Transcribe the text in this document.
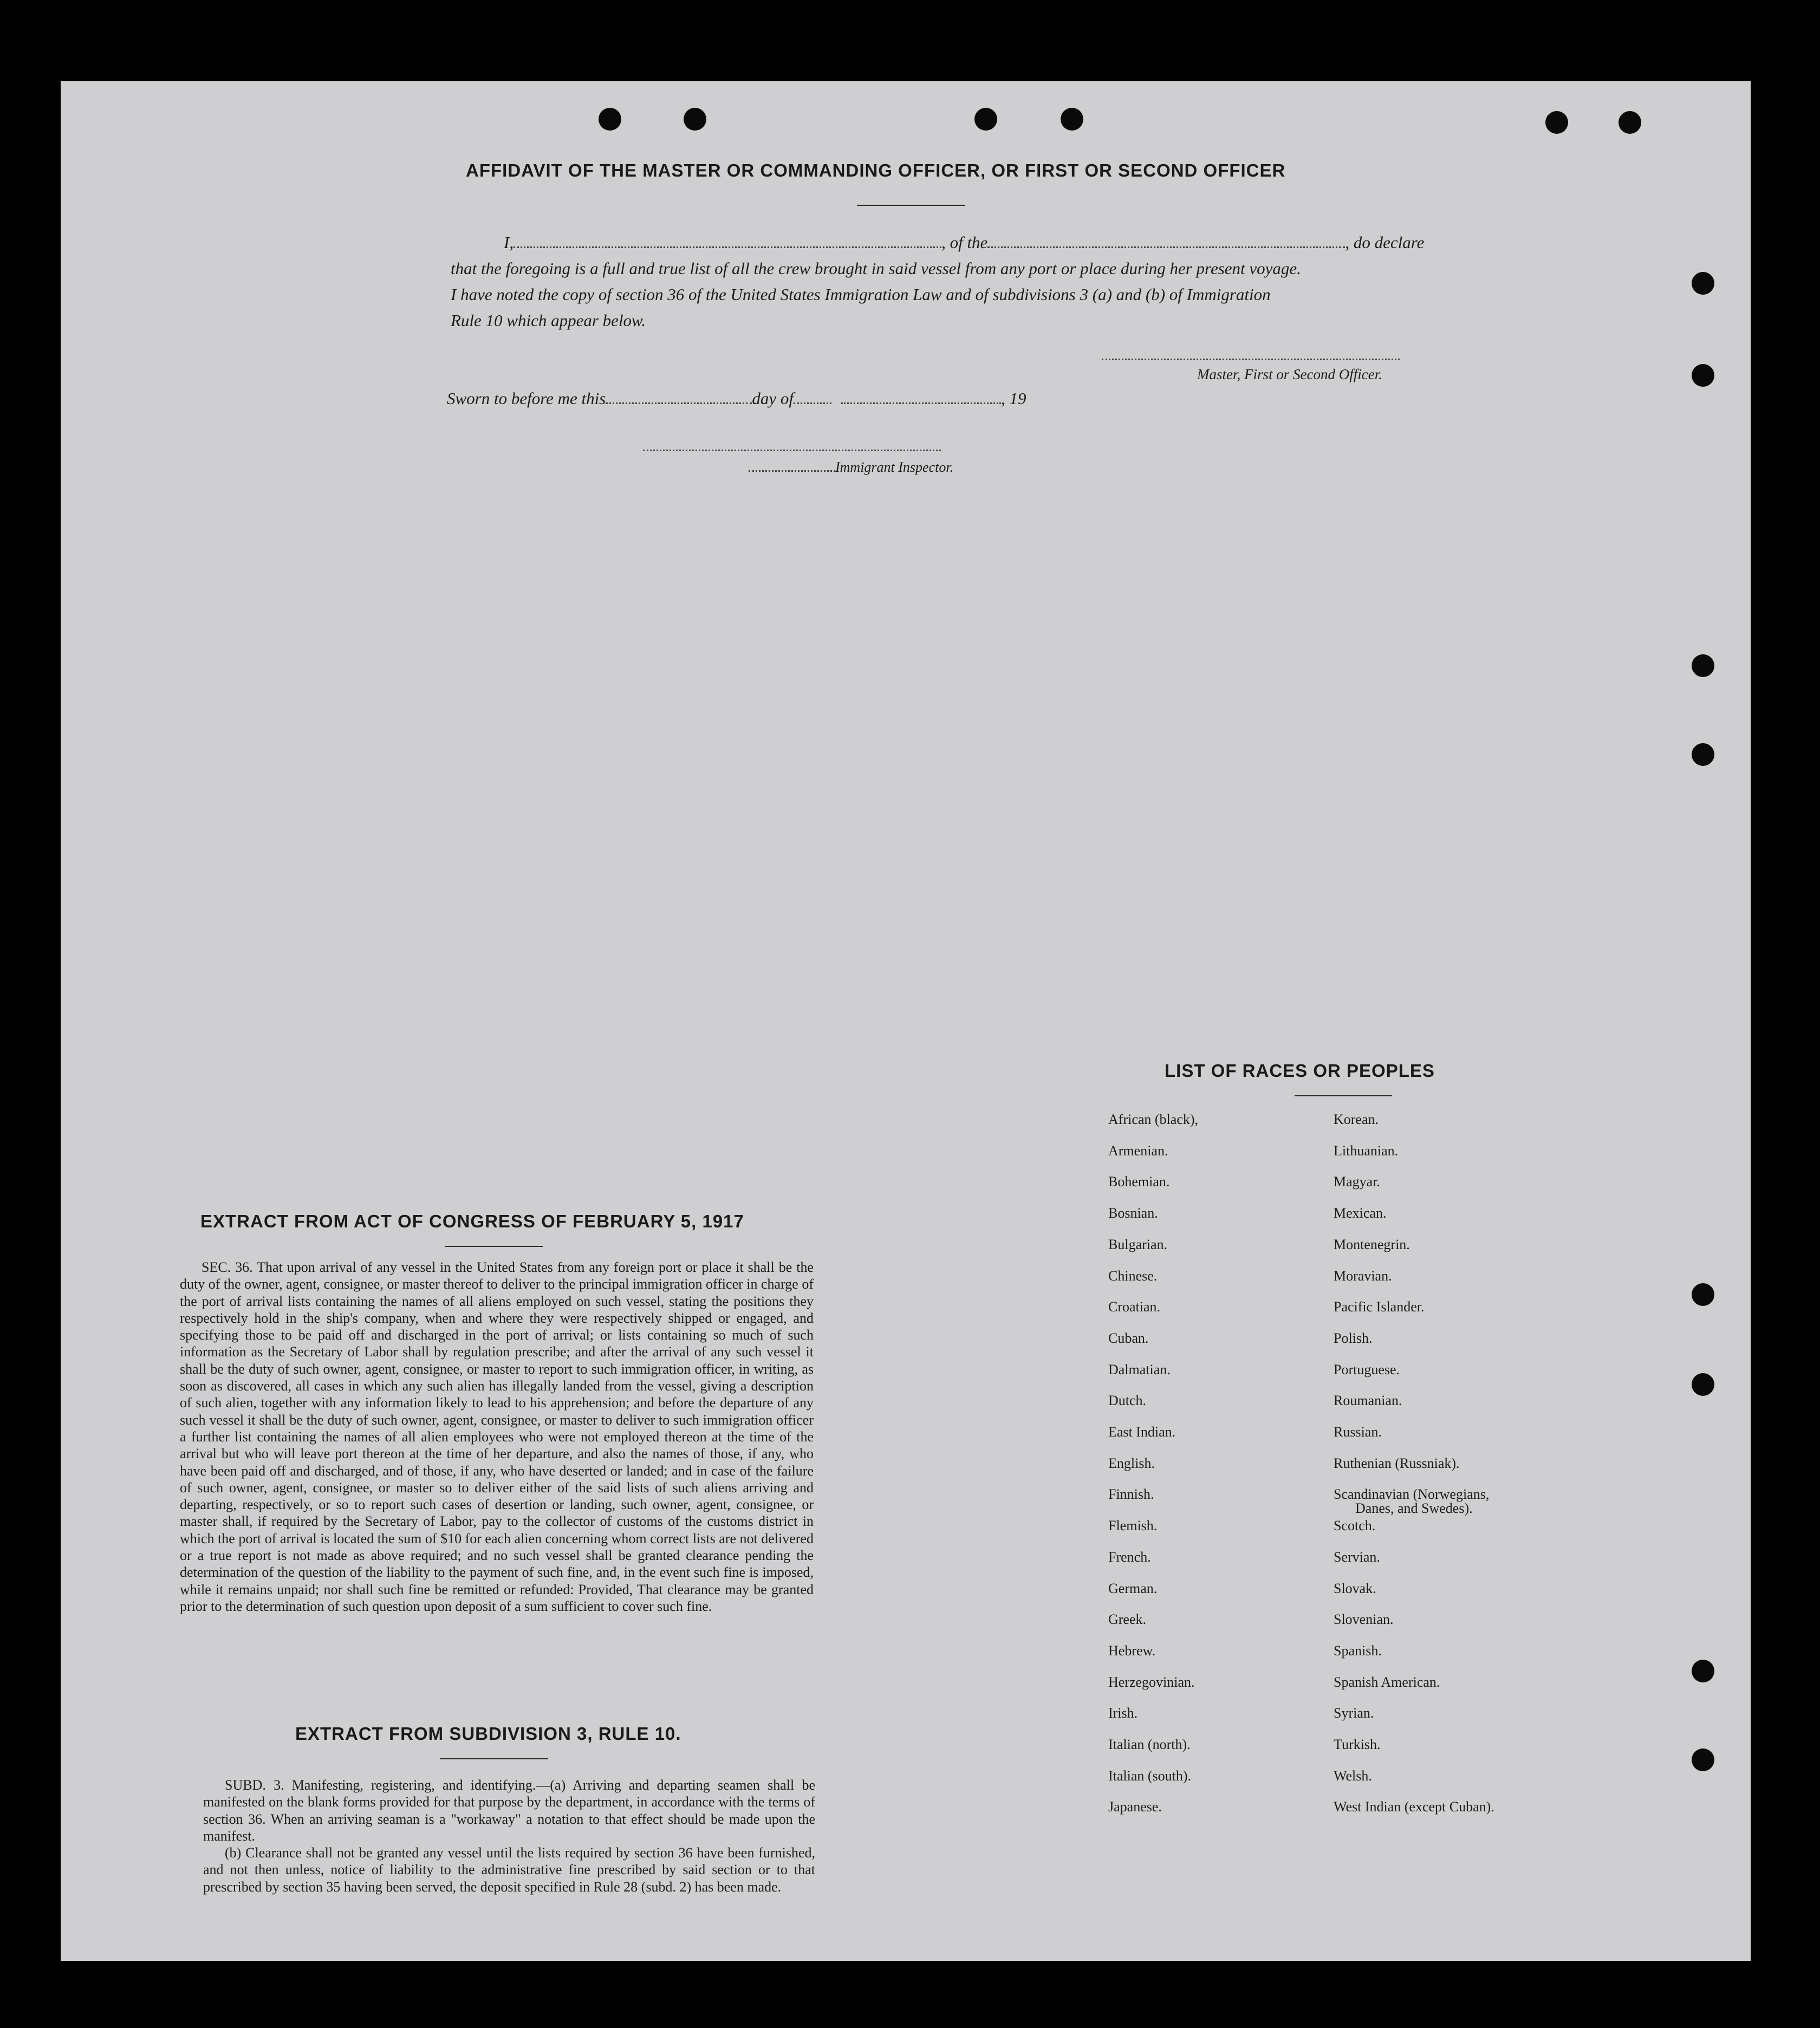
AFFIDAVIT OF THE MASTER OR COMMANDING OFFICER, OR FIRST OR SECOND OFFICER
I,	, of the	, do declare
that the foregoing is a full and true list of all the crew brought in said vessel from any port or place during her present voyage.
I have noted the copy of section 36 of the United States Immigration Law and of subdivisions 3 (a) and (b) of Immigration
Rule 10 which appear below.
Master, First or Second Officer.
Sworn to before me this	day of	, 19
Immigrant Inspector.
EXTRACT FROM ACT OF CONGRESS OF FEBRUARY 5, 1917

SEC. 36. That upon arrival of any vessel in the United States from any foreign port or place it shall be the duty of the owner, agent, consignee, or master thereof to deliver to the principal immigration officer in charge of the port of arrival lists containing the names of all aliens employed on such vessel, stating the positions they respectively hold in the ship's company, when and where they were respectively shipped or engaged, and specifying those to be paid off and discharged in the port of arrival; or lists containing so much of such information as the Secretary of Labor shall by regulation prescribe; and after the arrival of any such vessel it shall be the duty of such owner, agent, consignee, or master to report to such immigration officer, in writing, as soon as discovered, all cases in which any such alien has illegally landed from the vessel, giving a description of such alien, together with any information likely to lead to his apprehension; and before the departure of any such vessel it shall be the duty of such owner, agent, consignee, or master to deliver to such immigration officer a further list containing the names of all alien employees who were not employed thereon at the time of the arrival but who will leave port thereon at the time of her departure, and also the names of those, if any, who have been paid off and discharged, and of those, if any, who have deserted or landed; and in case of the failure of such owner, agent, consignee, or master so to deliver either of the said lists of such aliens arriving and departing, respectively, or so to report such cases of desertion or landing, such owner, agent, consignee, or master shall, if required by the Secretary of Labor, pay to the collector of customs of the customs district in which the port of arrival is located the sum of $10 for each alien concerning whom correct lists are not delivered or a true report is not made as above required; and no such vessel shall be granted clearance pending the determination of the question of the liability to the payment of such fine, and, in the event such fine is imposed, while it remains unpaid; nor shall such fine be remitted or refunded: Provided, That clearance may be granted prior to the determination of such question upon deposit of a sum sufficient to cover such fine.

EXTRACT FROM SUBDIVISION 3, RULE 10.

SUBD. 3. Manifesting, registering, and identifying.—(a) Arriving and departing seamen shall be manifested on the blank forms provided for that purpose by the department, in accordance with the terms of section 36. When an arriving seaman is a "workaway" a notation to that effect should be made upon the manifest.

(b) Clearance shall not be granted any vessel until the lists required by section 36 have been furnished, and not then unless, notice of liability to the administrative fine prescribed by said section or to that prescribed by section 35 having been served, the deposit specified in Rule 28 (subd. 2) has been made.

LIST OF RACES OR PEOPLES
African (black),
Armenian.
Bohemian.
Bosnian.
Bulgarian.
Chinese.
Croatian.
Cuban.
Dalmatian.
Dutch.
East Indian.
English.
Finnish.
Flemish.
French.
German.
Greek.
Hebrew.
Herzegovinian.
Irish.
Italian (north).
Italian (south).
Japanese.
Korean.
Lithuanian.
Magyar.
Mexican.
Montenegrin.
Moravian.
Pacific Islander.
Polish.
Portuguese.
Roumanian.
Russian.
Ruthenian (Russniak).
Scandinavian (Norwegians,
Scotch.
Servian.
Slovak.
Slovenian.
Spanish.
Spanish American.
Syrian.
Turkish.
Welsh.
West Indian (except Cuban).
Danes, and Swedes).
